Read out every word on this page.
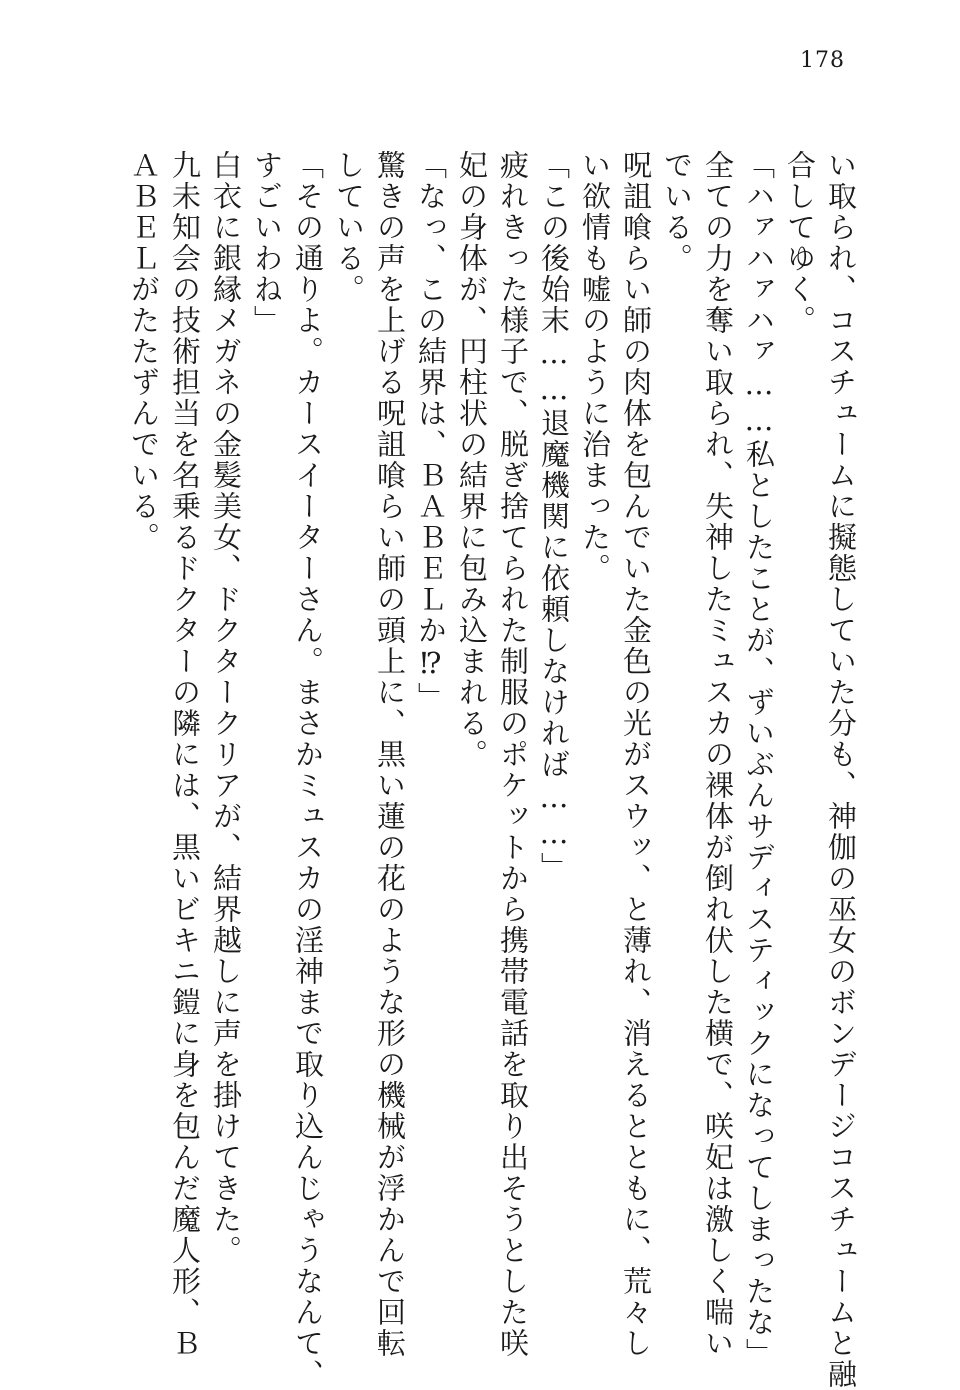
178
い取られ、コスチュームに擬態していた分も、神伽の巫女のボンデージコスチュームと融
合してゆく。
「ハァハァハァ……私としたことが、ずいぶんサディスティックになってしまったな」
全ての力を奪い取られ、失神したミュスカの裸体が倒れ伏した横で、咲妃は激しく喘い
でいる。
呪詛喰らい師の肉体を包んでいた金色の光がスウッ、と薄れ、消えるとともに、荒々し
い欲情も嘘のように治まった。
「この後始末……退魔機関に依頼しなければ……」
疲れきった様子で、脱ぎ捨てられた制服のポケットから携帯電話を取り出そうとした咲
妃の身体が、円柱状の結界に包み込まれる。
「なっ、この結界は、ＢＡＢＥＬか⁉」
驚きの声を上げる呪詛喰らい師の頭上に、黒い蓮の花のような形の機械が浮かんで回転
している。
「その通りよ。カースイーターさん。まさかミュスカの淫神まで取り込んじゃうなんて、
すごいわね」
白衣に銀縁メガネの金髪美女、ドクタークリアが、結界越しに声を掛けてきた。
九未知会の技術担当を名乗るドクターの隣には、黒いビキニ鎧に身を包んだ魔人形、Ｂ
ＡＢＥＬがたたずんでいる。
